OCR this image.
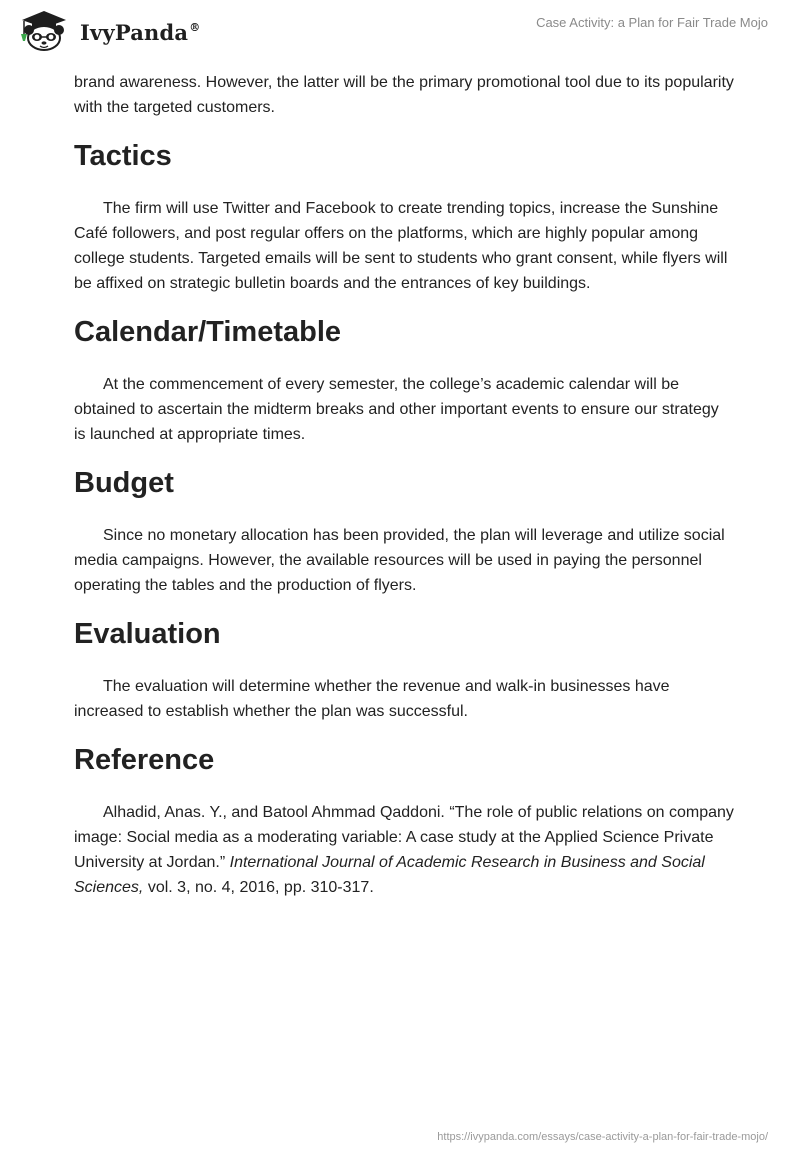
IvyPanda®	Case Activity: a Plan for Fair Trade Mojo

brand awareness. However, the latter will be the primary promotional tool due to its popularity with the targeted customers.

Tactics

The firm will use Twitter and Facebook to create trending topics, increase the Sunshine Café followers, and post regular offers on the platforms, which are highly popular among college students. Targeted emails will be sent to students who grant consent, while flyers will be affixed on strategic bulletin boards and the entrances of key buildings.

Calendar/Timetable

At the commencement of every semester, the college’s academic calendar will be obtained to ascertain the midterm breaks and other important events to ensure our strategy is launched at appropriate times.

Budget

Since no monetary allocation has been provided, the plan will leverage and utilize social media campaigns. However, the available resources will be used in paying the personnel operating the tables and the production of flyers.

Evaluation

The evaluation will determine whether the revenue and walk-in businesses have increased to establish whether the plan was successful.

Reference

Alhadid, Anas. Y., and Batool Ahmmad Qaddoni. “The role of public relations on company image: Social media as a moderating variable: A case study at the Applied Science Private University at Jordan.” International Journal of Academic Research in Business and Social Sciences, vol. 3, no. 4, 2016, pp. 310-317.

https://ivypanda.com/essays/case-activity-a-plan-for-fair-trade-mojo/
